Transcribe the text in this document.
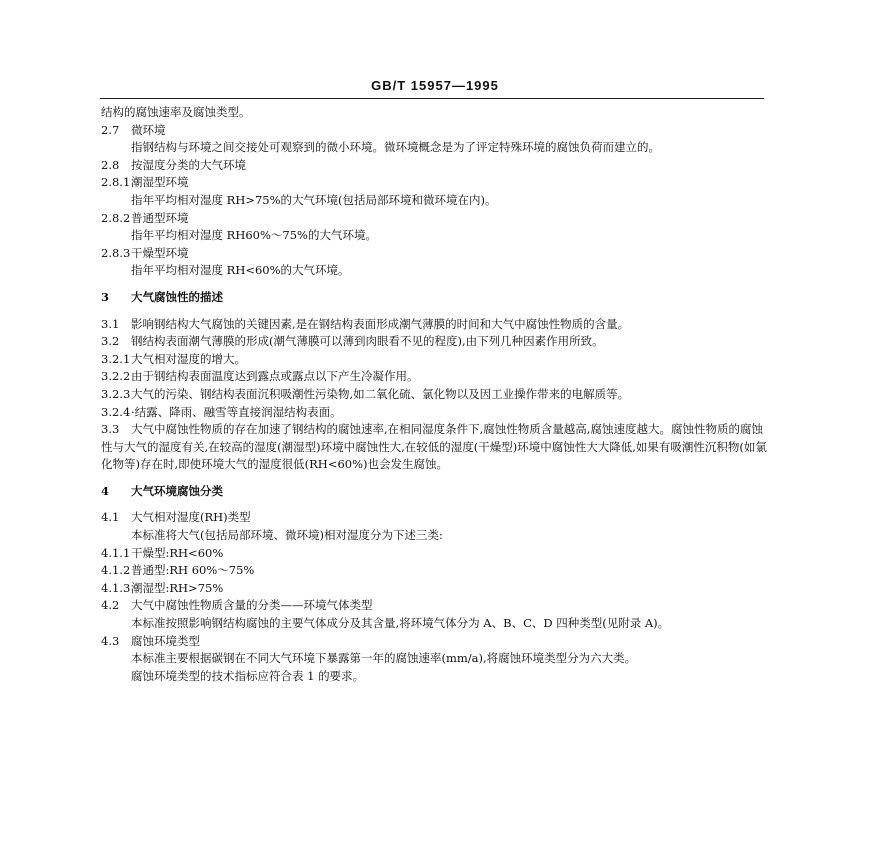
GB/T 15957—1995
结构的腐蚀速率及腐蚀类型。
2.7 微环境
指钢结构与环境之间交接处可观察到的微小环境。微环境概念是为了评定特殊环境的腐蚀负荷而建立的。
2.8 按湿度分类的大气环境
2.8.1潮湿型环境
指年平均相对湿度 RH>75%的大气环境(包括局部环境和微环境在内)。
2.8.2普通型环境
指年平均相对湿度 RH60%～75%的大气环境。
2.8.3干燥型环境
指年平均相对湿度 RH<60%的大气环境。
3 大气腐蚀性的描述
3.1 影响钢结构大气腐蚀的关键因素,是在钢结构表面形成潮气薄膜的时间和大气中腐蚀性物质的含量。
3.2 钢结构表面潮气薄膜的形成(潮气薄膜可以薄到肉眼看不见的程度),由下列几种因素作用所致。
3.2.1大气相对湿度的增大。
3.2.2由于钢结构表面温度达到露点或露点以下产生冷凝作用。
3.2.3大气的污染、钢结构表面沉积吸潮性污染物,如二氧化硫、氯化物以及因工业操作带来的电解质等。
3.2.4·结露、降雨、融雪等直接润湿结构表面。
3.3 大气中腐蚀性物质的存在加速了钢结构的腐蚀速率,在相同湿度条件下,腐蚀性物质含量越高,腐蚀速度越大。腐蚀性物质的腐蚀性与大气的湿度有关,在较高的湿度(潮湿型)环境中腐蚀性大,在较低的湿度(干燥型)环境中腐蚀性大大降低,如果有吸潮性沉积物(如氯化物等)存在时,即使环境大气的湿度很低(RH<60%)也会发生腐蚀。
4 大气环境腐蚀分类
4.1 大气相对湿度(RH)类型
本标准将大气(包括局部环境、微环境)相对湿度分为下述三类:
4.1.1干燥型:RH<60%
4.1.2普通型:RH 60%～75%
4.1.3潮湿型:RH>75%
4.2 大气中腐蚀性物质含量的分类——环境气体类型
本标准按照影响钢结构腐蚀的主要气体成分及其含量,将环境气体分为 A、B、C、D 四种类型(见附录 A)。
4.3 腐蚀环境类型
本标准主要根据碳钢在不同大气环境下暴露第一年的腐蚀速率(mm/a),将腐蚀环境类型分为六大类。
腐蚀环境类型的技术指标应符合表 1 的要求。
